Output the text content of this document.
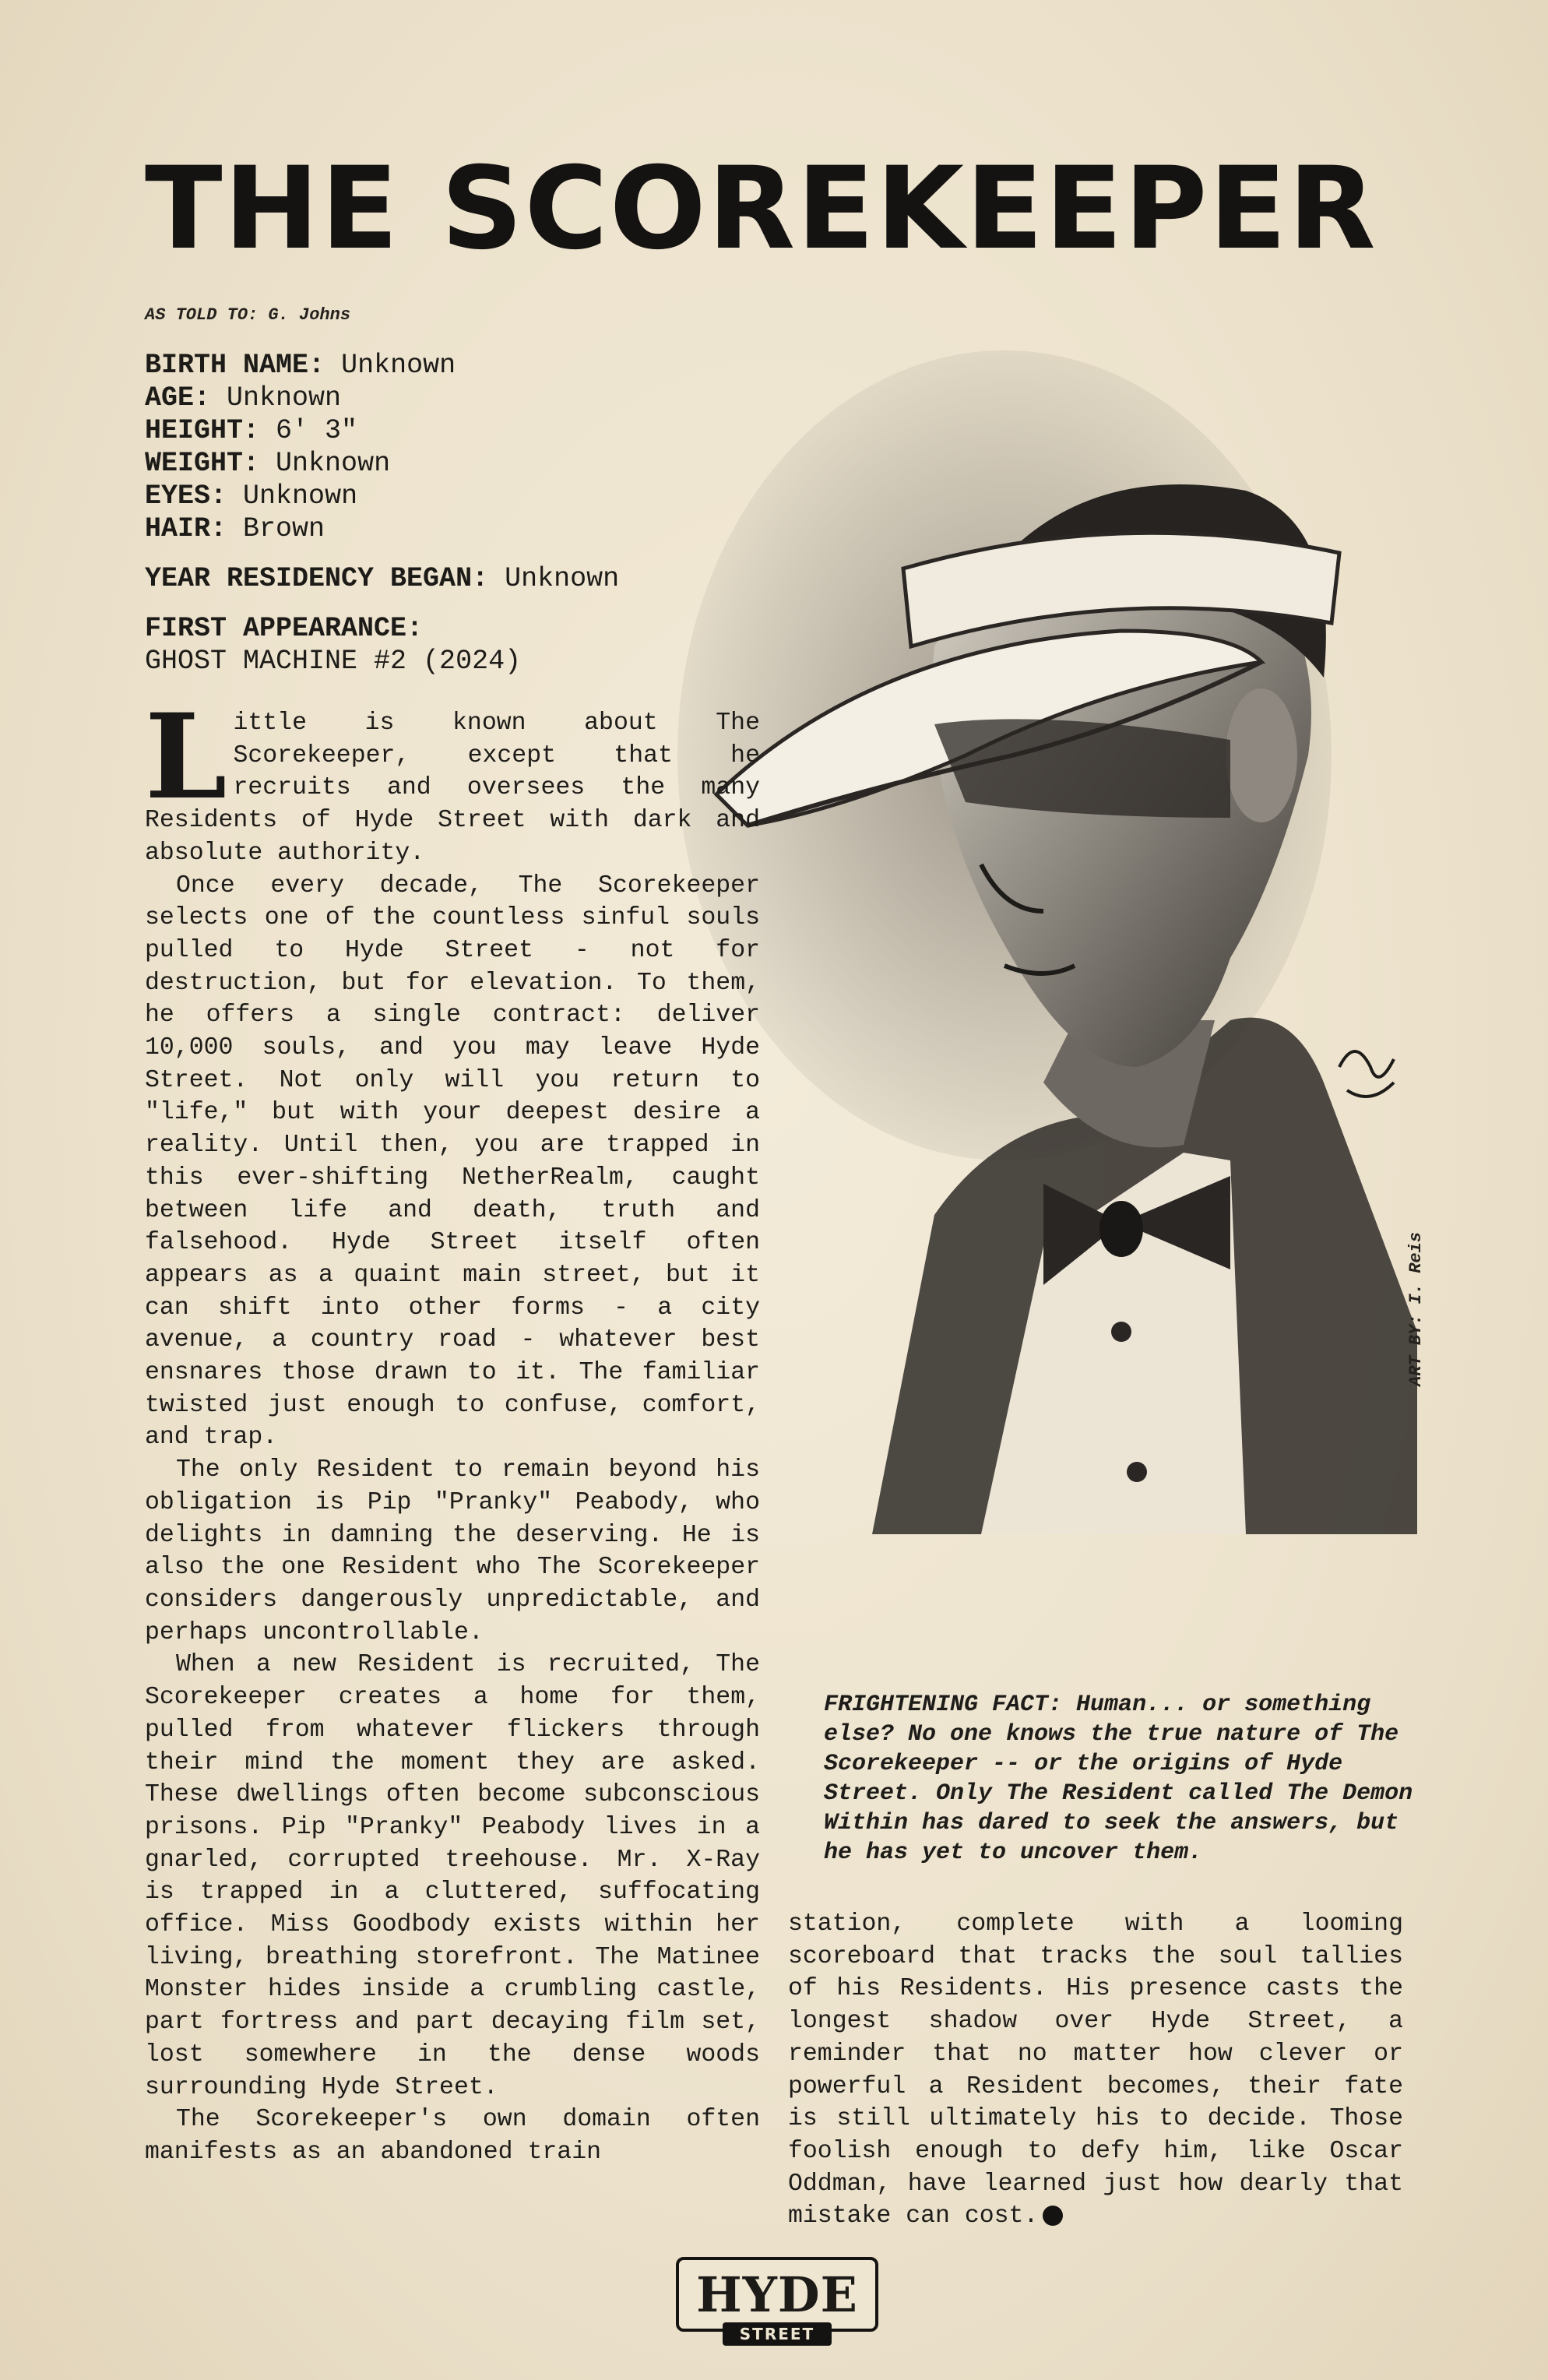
THE SCOREKEEPER
AS TOLD TO: G. Johns
BIRTH NAME: Unknown
AGE: Unknown
HEIGHT: 6' 3"
WEIGHT: Unknown
EYES: Unknown
HAIR: Brown
YEAR RESIDENCY BEGAN: Unknown
FIRST APPEARANCE:
GHOST MACHINE #2 (2024)
ART BY: I. Reis

Little is known about The Scorekeeper, except that he recruits and oversees the many Residents of Hyde Street with dark and absolute authority.

Once every decade, The Scorekeeper selects one of the countless sinful souls pulled to Hyde Street - not for destruction, but for elevation. To them, he offers a single contract: deliver 10,000 souls, and you may leave Hyde Street. Not only will you return to "life," but with your deepest desire a reality. Until then, you are trapped in this ever-shifting NetherRealm, caught between life and death, truth and falsehood. Hyde Street itself often appears as a quaint main street, but it can shift into other forms - a city avenue, a country road - whatever best ensnares those drawn to it. The familiar twisted just enough to confuse, comfort, and trap.

The only Resident to remain beyond his obligation is Pip "Pranky" Peabody, who delights in damning the deserving. He is also the one Resident who The Scorekeeper considers dangerously unpredictable, and perhaps uncontrollable.

When a new Resident is recruited, The Scorekeeper creates a home for them, pulled from whatever flickers through their mind the moment they are asked. These dwellings often become subconscious prisons. Pip "Pranky" Peabody lives in a gnarled, corrupted treehouse. Mr. X-Ray is trapped in a cluttered, suffocating office. Miss Goodbody exists within her living, breathing storefront. The Matinee Monster hides inside a crumbling castle, part fortress and part decaying film set, lost somewhere in the dense woods surrounding Hyde Street.

The Scorekeeper's own domain often manifests as an abandoned train

FRIGHTENING FACT: Human... or something else? No one knows the true nature of The Scorekeeper -- or the origins of Hyde Street. Only The Resident called The Demon Within has dared to seek the answers, but he has yet to uncover them.

station, complete with a looming scoreboard that tracks the soul tallies of his Residents. His presence casts the longest shadow over Hyde Street, a reminder that no matter how clever or powerful a Resident becomes, their fate is still ultimately his to decide. Those foolish enough to defy him, like Oscar Oddman, have learned just how dearly that mistake can cost.

HYDE
STREET
